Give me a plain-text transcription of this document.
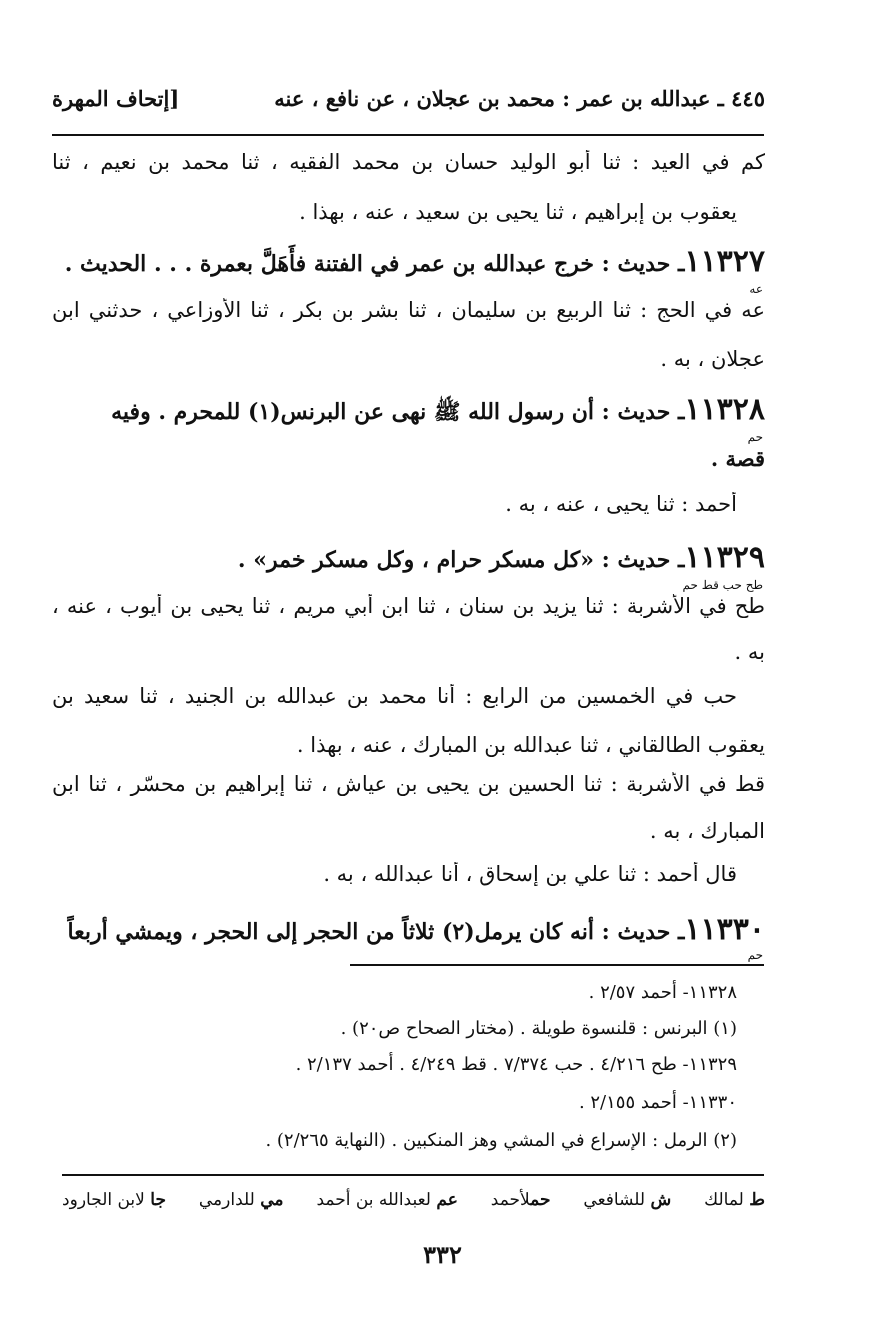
٤٤٥ ـ عبدالله بن عمر : محمد بن عجلان ، عن نافع ، عنه
[إتحاف المهرة
كم في العيد : ثنا أبو الوليد حسان بن محمد الفقيه ، ثنا محمد بن نعيم ، ثنا
يعقوب بن إبراهيم ، ثنا يحيى بن سعيد ، عنه ، بهذا .
١١٣٢٧ـ حديث : خرج عبدالله بن عمر في الفتنة فأَهَلَّ بعمرة . . . الحديث .
عه
عه في الحج : ثنا الربيع بن سليمان ، ثنا بشر بن بكر ، ثنا الأوزاعي ، حدثني ابن
عجلان ، به .
١١٣٢٨ـ حديث : أن رسول الله ﷺ نهى عن البرنس(١) للمحرم . وفيه
حم
قصة .
أحمد : ثنا يحيى ، عنه ، به .
١١٣٢٩ـ حديث : «كل مسكر حرام ، وكل مسكر خمر» .
طح حب قط حم
طح في الأشربة : ثنا يزيد بن سنان ، ثنا ابن أبي مريم ، ثنا يحيى بن أيوب ، عنه ،
به .
حب في الخمسين من الرابع : أنا محمد بن عبدالله بن الجنيد ، ثنا سعيد بن
يعقوب الطالقاني ، ثنا عبدالله بن المبارك ، عنه ، بهذا .
قط في الأشربة : ثنا الحسين بن يحيى بن عياش ، ثنا إبراهيم بن محسّر ، ثنا ابن
المبارك ، به .
قال أحمد : ثنا علي بن إسحاق ، أنا عبدالله ، به .
١١٣٣٠ـ حديث : أنه كان يرمل(٢) ثلاثاً من الحجر إلى الحجر ، ويمشي أربعاً
حم
١١٣٢٨- أحمد ٢/٥٧ .
(١) البرنس : قلنسوة طويلة . (مختار الصحاح ص٢٠) .
١١٣٢٩- طح ٤/٢١٦ . حب ٧/٣٧٤ . قط ٤/٢٤٩ . أحمد ٢/١٣٧ .
١١٣٣٠- أحمد ٢/١٥٥ .
(٢) الرمل : الإسراع في المشي وهز المنكبين . (النهاية ٢/٢٦٥) .
ط لمالك
ش للشافعي
حملأحمد
عم لعبدالله بن أحمد
مي للدارمي
جا لابن الجارود
٣٣٢
